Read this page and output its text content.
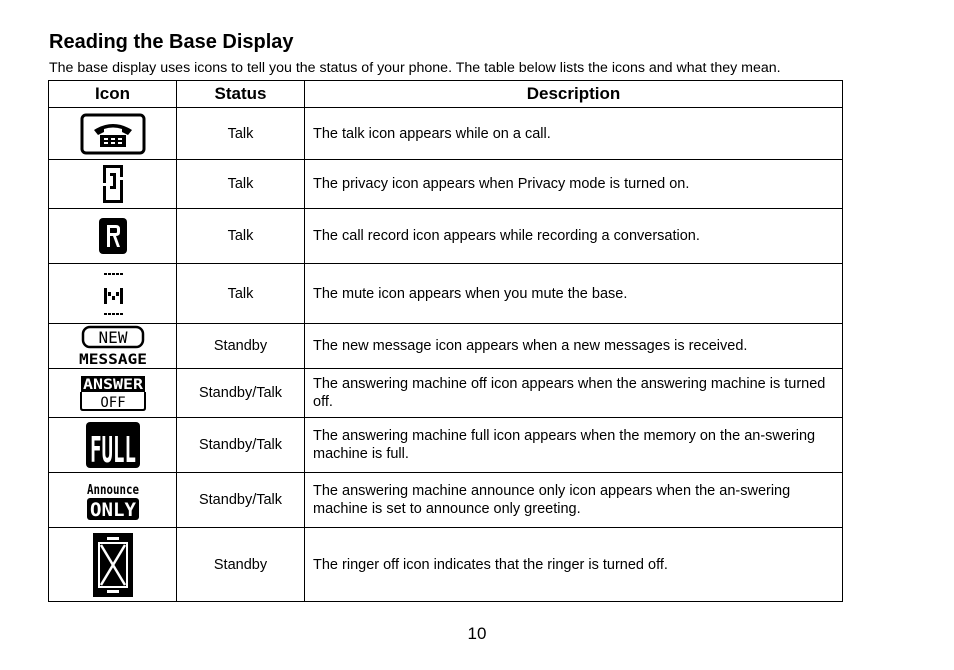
Reading the Base Display

The base display uses icons to tell you the status of your phone. The table below lists the icons and what they mean.

Icon	Status	Description

	Talk	The talk icon appears while on a call.

	Talk	The privacy icon appears when Privacy mode is turned on.

	Talk	The call record icon appears while recording a conversation.

	Talk	The mute icon appears when you mute the base.

NEW
MESSAGE	Standby	The new message icon appears when a new messages is received.

ANSWER
OFF	Standby/Talk	The answering machine off icon appears when the answering machine is turned off.

FULL	Standby/Talk	The answering machine full icon appears when the memory on the an-swering machine is full.

Announce
ONLY	Standby/Talk	The answering machine announce only icon appears when the an-swering machine is set to announce only greeting.

	Standby	The ringer off icon indicates that the ringer is turned off.
10
